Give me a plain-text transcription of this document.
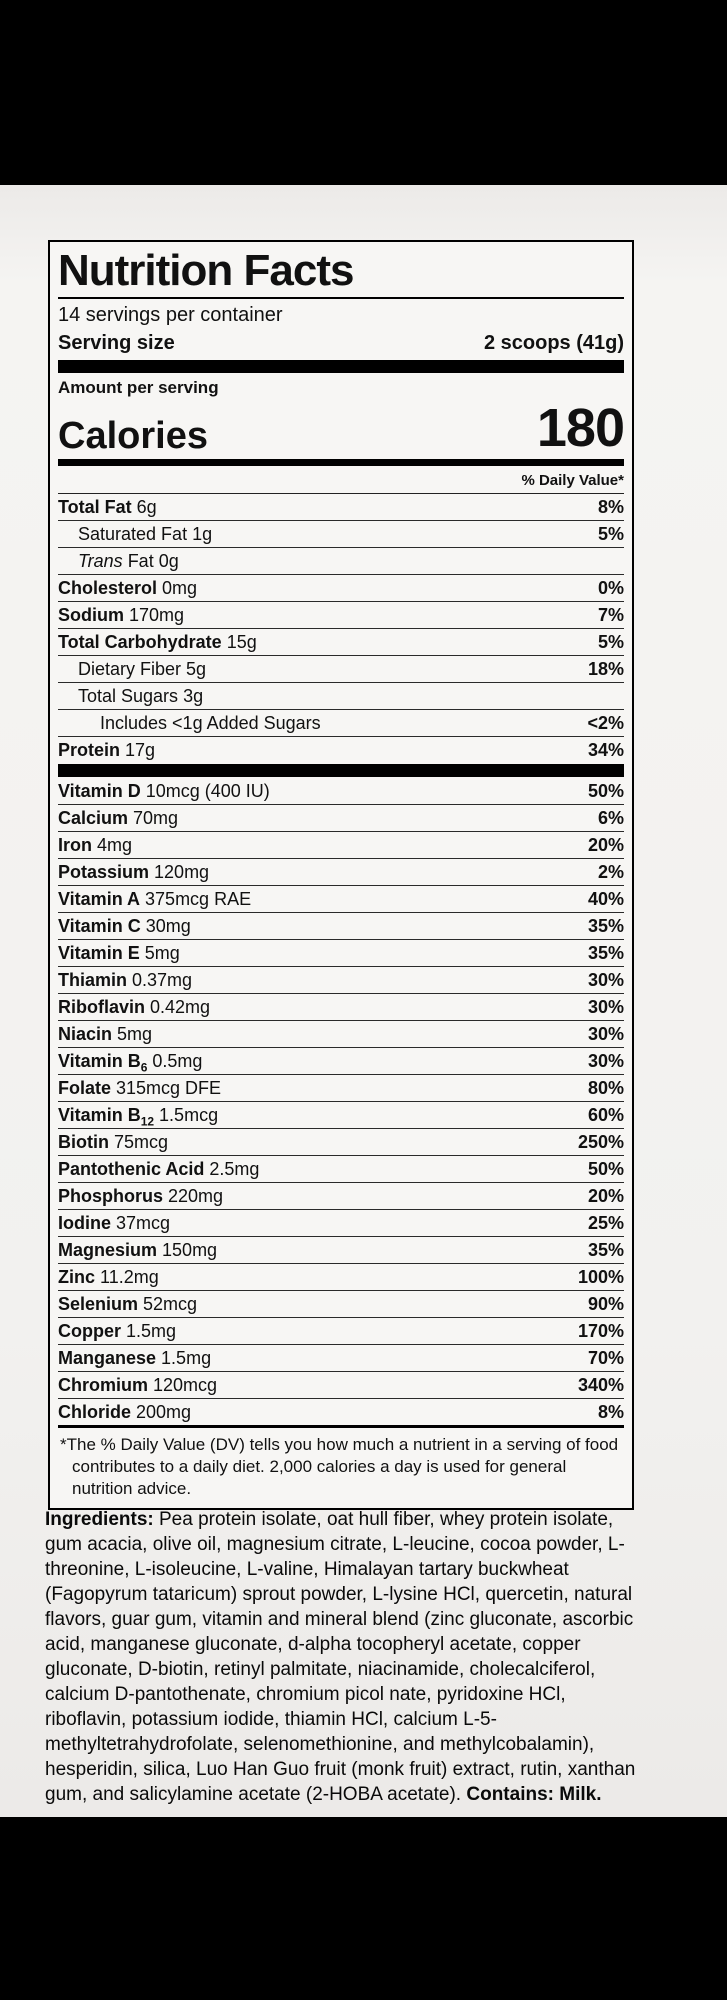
Nutrition Facts
14 servings per container
Serving size	2 scoops (41g)
Amount per serving
Calories	180
% Daily Value*
Total Fat 6g	8%
Saturated Fat 1g	5%
Trans Fat 0g
Cholesterol 0mg	0%
Sodium 170mg	7%
Total Carbohydrate 15g	5%
Dietary Fiber 5g	18%
Total Sugars 3g
Includes <1g Added Sugars	<2%
Protein 17g	34%
Vitamin D 10mcg (400 IU)	50%
Calcium 70mg	6%
Iron 4mg	20%
Potassium 120mg	2%
Vitamin A 375mcg RAE	40%
Vitamin C 30mg	35%
Vitamin E 5mg	35%
Thiamin 0.37mg	30%
Riboflavin 0.42mg	30%
Niacin 5mg	30%
Vitamin $B_6$ 0.5mg	30%
Folate 315mcg DFE	80%
Vitamin $B_{12}$ 1.5mcg	60%
Biotin 75mcg	250%
Pantothenic Acid 2.5mg	50%
Phosphorus 220mg	20%
Iodine 37mcg	25%
Magnesium 150mg	35%
Zinc 11.2mg	100%
Selenium 52mcg	90%
Copper 1.5mg	170%
Manganese 1.5mg	70%
Chromium 120mcg	340%
Chloride 200mg	8%
*The % Daily Value (DV) tells you how much a nutrient in a serving of food contributes to a daily diet. 2,000 calories a day is used for general nutrition advice.

Ingredients: Pea protein isolate, oat hull fiber, whey protein isolate, gum acacia, olive oil, magnesium citrate, L-leucine, cocoa powder, L-threonine, L-isoleucine, L-valine, Himalayan tartary buckwheat (Fagopyrum tataricum) sprout powder, L-lysine HCl, quercetin, natural flavors, guar gum, vitamin and mineral blend (zinc gluconate, ascorbic acid, manganese gluconate, d-alpha tocopheryl acetate, copper gluconate, D-biotin, retinyl palmitate, niacinamide, cholecalciferol, calcium D-pantothenate, chromium picol nate, pyridoxine HCl, riboflavin, potassium iodide, thiamin HCl, calcium L-5-methyltetrahydrofolate, selenomethionine, and methylcobalamin), hesperidin, silica, Luo Han Guo fruit (monk fruit) extract, rutin, xanthan gum, and salicylamine acetate (2-HOBA acetate). Contains: Milk.
